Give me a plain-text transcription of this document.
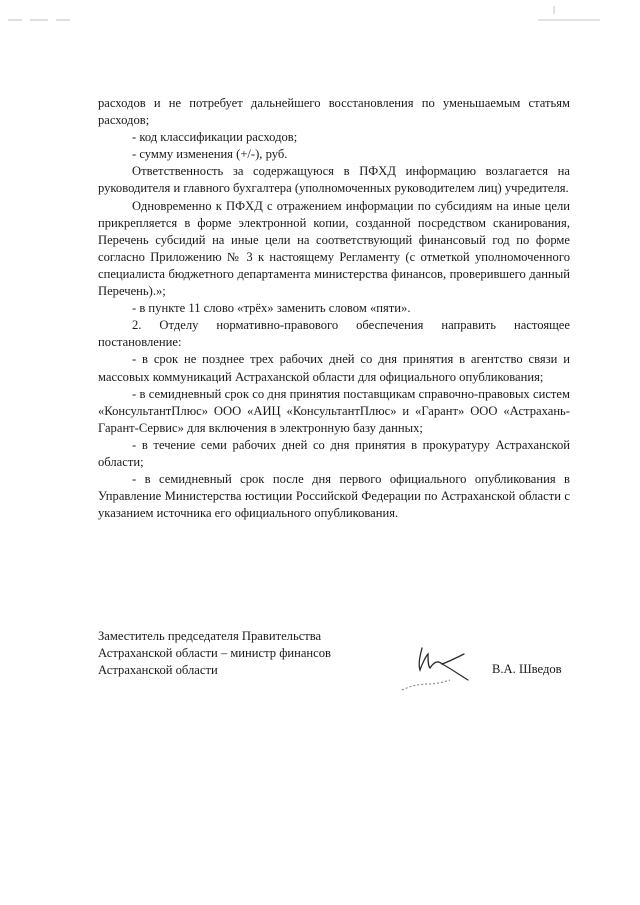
расходов и не потребует дальнейшего восстановления по уменьшаемым статьям расходов;

- код классификации расходов;

- сумму изменения (+/-), руб.

Ответственность за содержащуюся в ПФХД информацию возлагается на руководителя и главного бухгалтера (уполномоченных руководителем лиц) учредителя.

Одновременно к ПФХД с отражением информации по субсидиям на иные цели прикрепляется в форме электронной копии, созданной посредством сканирования, Перечень субсидий на иные цели на соответствующий финансовый год по форме согласно Приложению № 3 к настоящему Регламенту (с отметкой уполномоченного специалиста бюджетного департамента министерства финансов, проверившего данный Перечень).»;

- в пункте 11 слово «трёх» заменить словом «пяти».

2. Отделу нормативно-правового обеспечения направить настоящее постановление:

- в срок не позднее трех рабочих дней со дня принятия в агентство связи и массовых коммуникаций Астраханской области для официального опубликования;

- в семидневный срок со дня принятия поставщикам справочно-правовых систем «КонсультантПлюс» ООО «АИЦ «КонсультантПлюс» и «Гарант» ООО «Астрахань-Гарант-Сервис» для включения в электронную базу данных;

- в течение семи рабочих дней со дня принятия в прокуратуру Астраханской области;

- в семидневный срок после дня первого официального опубликования в Управление Министерства юстиции Российской Федерации по Астраханской области с указанием источника его официального опубликования.

Заместитель председателя Правительства
Астраханской области – министр финансов
Астраханской области	В.А. Шведов
